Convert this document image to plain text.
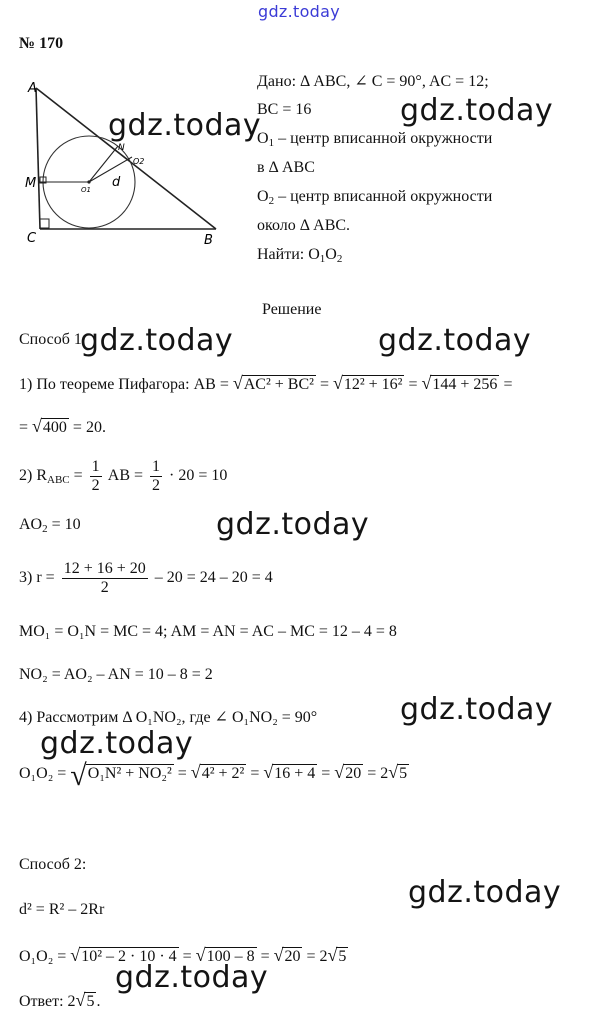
gdz.today
№ 170
A
M
C	B
N
O2
O1 d
Дано: Δ ABC, ∠ C = 90°, AC = 12;
BC = 16
$O_1$ – центр вписанной окружности
в Δ ABC
$O_2$ – центр вписанной окружности
около Δ ABC.
Найти: $O_1O_2$
gdz.today
gdz.today
Решение
Способ 1
gdz.today	gdz.today
1) По теореме Пифагора: AB = √AC² + BC² = √12² + 16² = √144 + 256 =
= √400 = 20.
2) $R_{ABC} = \frac{1}{2}$ AB = $\frac{1}{2} \cdot 20 = 10$
$AO_2 = 10$	gdz.today
3) $r = \frac{12 + 16 + 20}{2} - 20 = 24 - 20 = 4$
MO₁ = O₁N = MC = 4; AM = AN = AC – MC = 12 – 4 = 8
NO₂ = AO₂ – AN = 10 – 8 = 2
4) Рассмотрим Δ O₁NO₂, где ∠ O₁NO₂ = 90°	gdz.today
gdz.today
O₁O₂ = √O₁N² + NO₂² = √4² + 2² = √16 + 4 = √20 = 2√5
Способ 2:
gdz.today
d² = R² – 2Rr
O₁O₂ = √10² – 2 · 10 · 4 = √100 – 8 = √20 = 2√5
gdz.today
Ответ: 2√5 .
